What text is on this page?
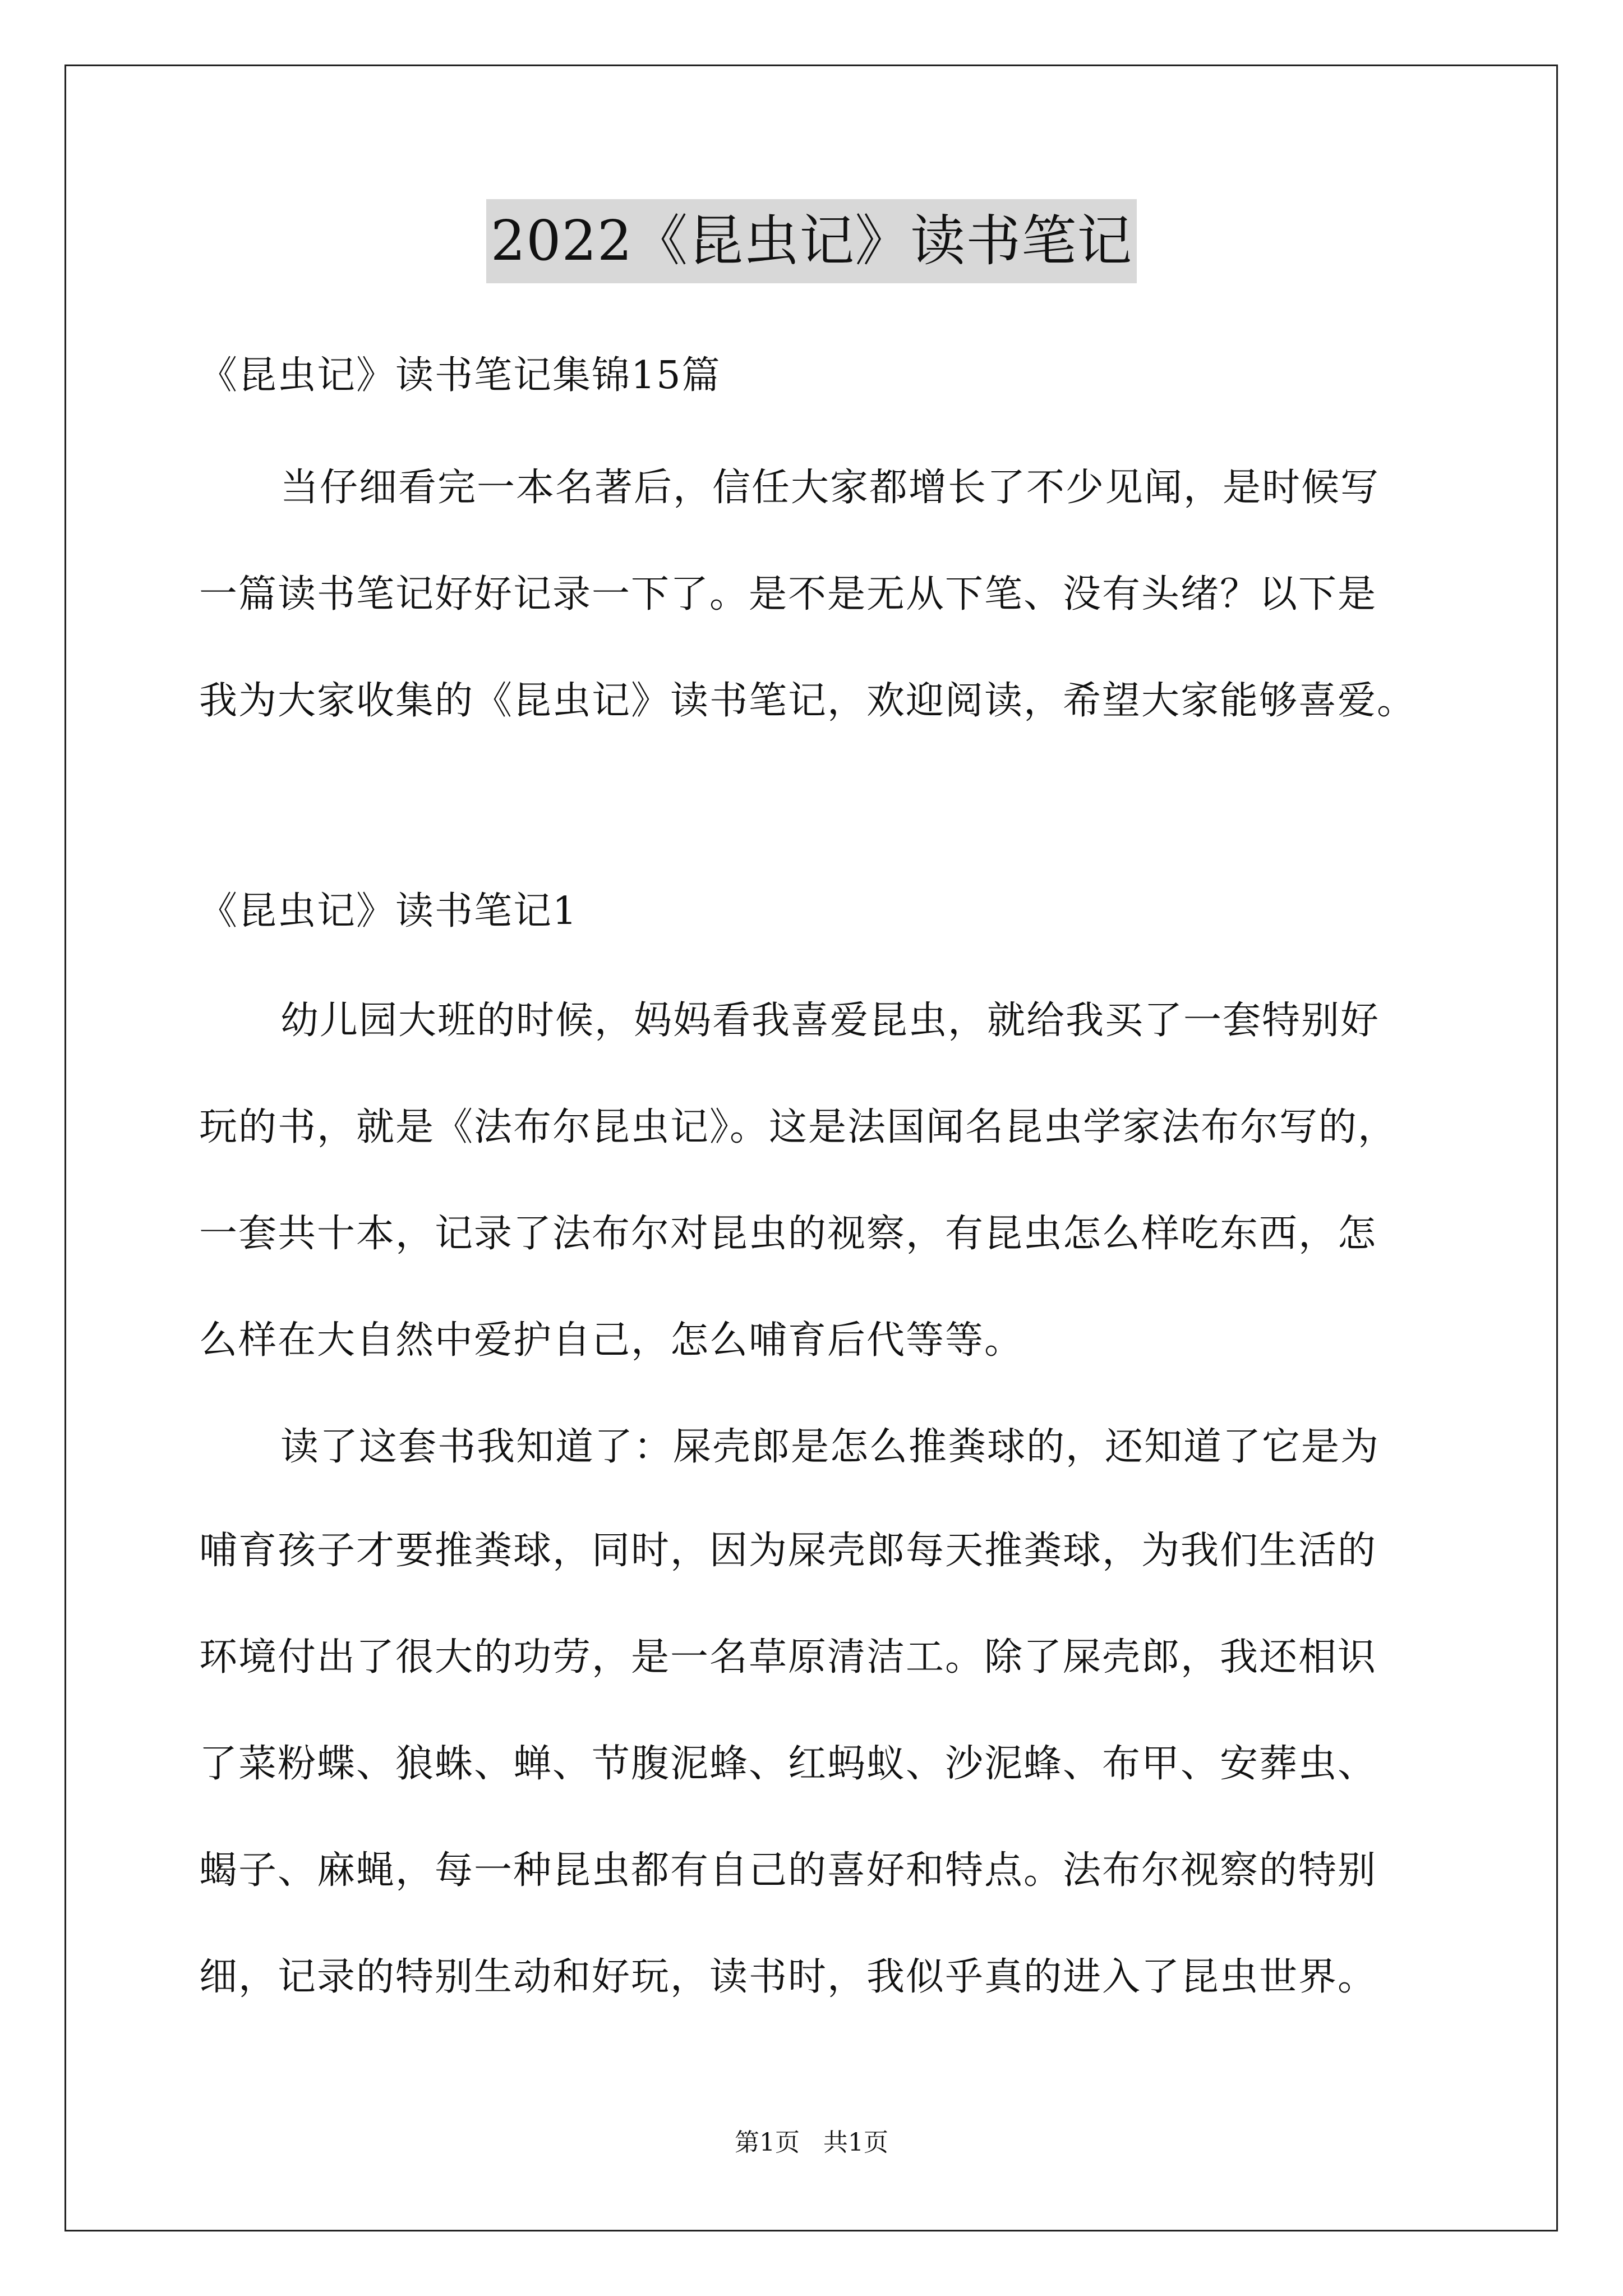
2022《昆虫记》读书笔记
《昆虫记》读书笔记集锦15篇
当仔细看完一本名著后，信任大家都增长了不少见闻，是时候写
一篇读书笔记好好记录一下了。是不是无从下笔、没有头绪？以下是
我为大家收集的《昆虫记》读书笔记，欢迎阅读，希望大家能够喜爱。
《昆虫记》读书笔记1
幼儿园大班的时候，妈妈看我喜爱昆虫，就给我买了一套特别好
玩的书，就是《法布尔昆虫记》。这是法国闻名昆虫学家法布尔写的，
一套共十本，记录了法布尔对昆虫的视察，有昆虫怎么样吃东西，怎
么样在大自然中爱护自己，怎么哺育后代等等。
读了这套书我知道了：屎壳郎是怎么推粪球的，还知道了它是为
哺育孩子才要推粪球，同时，因为屎壳郎每天推粪球，为我们生活的
环境付出了很大的功劳，是一名草原清洁工。除了屎壳郎，我还相识
了菜粉蝶、狼蛛、蝉、节腹泥蜂、红蚂蚁、沙泥蜂、布甲、安葬虫、
蝎子、麻蝇，每一种昆虫都有自己的喜好和特点。法布尔视察的特别
细，记录的特别生动和好玩，读书时，我似乎真的进入了昆虫世界。
第1页   共1页
